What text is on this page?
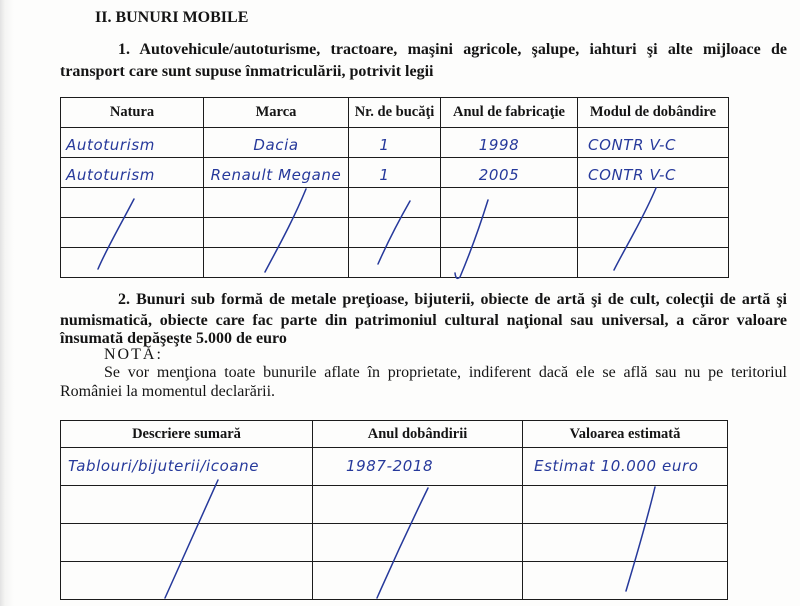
II. BUNURI MOBILE
1. Autovehicule/autoturisme, tractoare, maşini agricole, şalupe, iahturi şi alte mijloace de
transport care sunt supuse înmatriculării, potrivit legii
Natura	Marca	Nr. de bucăţi	Anul de fabricaţie	Modul de dobândire
Autoturism	Dacia	1	1998	CONTR V-C
Autoturism	Renault Megane	1	2005	CONTR V-C

2. Bunuri sub formă de metale preţioase, bijuterii, obiecte de artă şi de cult, colecţii de artă şi
numismatică, obiecte care fac parte din patrimoniul cultural naţional sau universal, a căror valoare
însumată depăşeşte 5.000 de euro
NOTĂ:
Se vor menţiona toate bunurile aflate în proprietate, indiferent dacă ele se află sau nu pe teritoriul
României la momentul declarării.
Descriere sumară	Anul dobândirii	Valoarea estimată
Tablouri/bijuterii/icoane	1987-2018	Estimat 10.000 euro
